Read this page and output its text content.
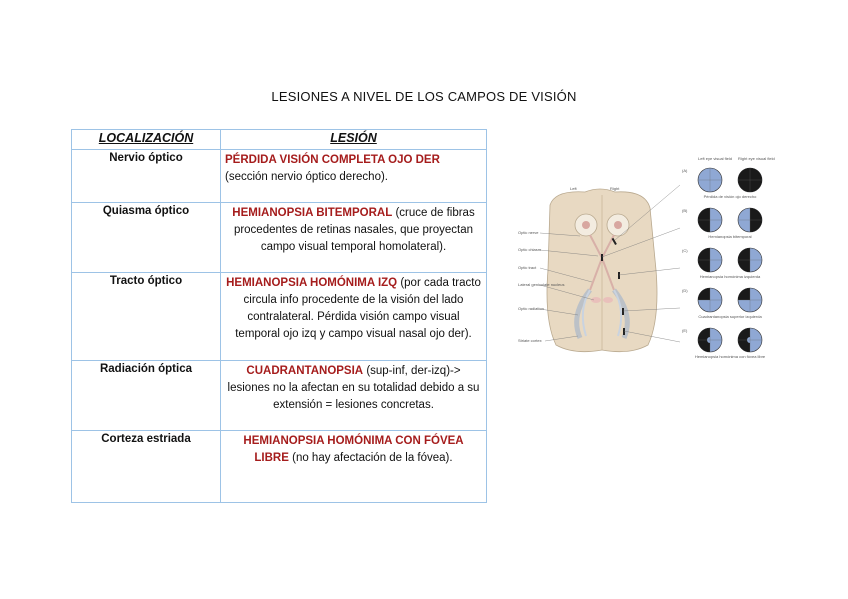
LESIONES A NIVEL DE LOS CAMPOS DE VISIÓN
LOCALIZACIÓN	LESIÓN
Nervio óptico	PÉRDIDA VISIÓN COMPLETA OJO DER
(sección nervio óptico derecho).
Quiasma óptico	HEMIANOPSIA BITEMPORAL (cruce de fibras procedentes de retinas nasales, que proyectan campo visual temporal homolateral).
Tracto óptico	HEMIANOPSIA HOMÓNIMA IZQ (por cada tracto circula info procedente de la visión del lado contralateral. Pérdida visión campo visual temporal ojo izq y campo visual nasal ojo der).
Radiación óptica	CUADRANTANOPSIA (sup-inf, der-izq)-> lesiones no la afectan en su totalidad debido a su extensión = lesiones concretas.
Corteza estriada	HEMIANOPSIA HOMÓNIMA CON FÓVEA LIBRE (no hay afectación de la fóvea).
Left	Right
Optic nerve
Optic chiasm
Optic tract
Lateral geniculate nucleus
Optic radiation
Striate cortex
Left eye visual field Right eye visual field
(A)
Pérdida de visión ojo derecho
(B)
Hemianopsia bitemporal
(C)
Hemianopsia homónima izquierda
(D)
Cuadrantanopsia superior izquierda
(E)
Hemianopsia homónima con fóvea libre
